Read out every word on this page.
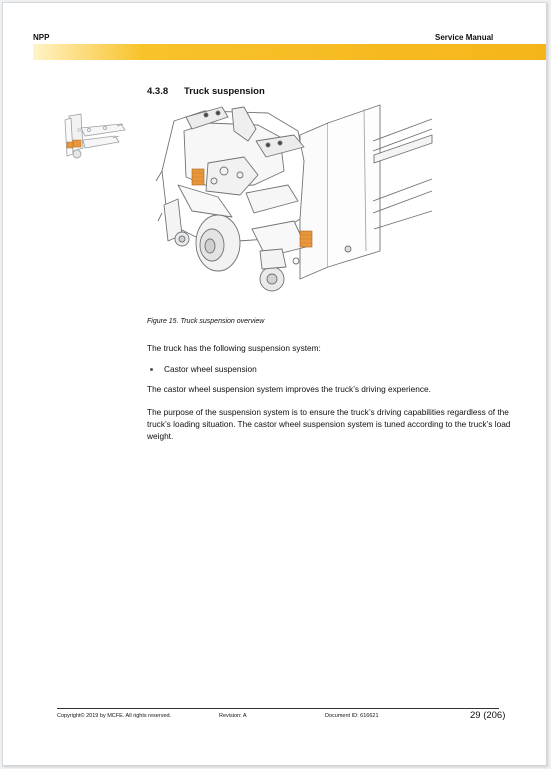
NPP	Service Manual
4.3.8 Truck suspension
Figure 15. Truck suspension overview

The truck has the following suspension system:

Castor wheel suspension

The castor wheel suspension system improves the truck’s driving experience.

The purpose of the suspension system is to ensure the truck’s driving capabilities regardless of the truck’s loading situation. The castor wheel suspension system is tuned according to the truck’s load weight.

Copyright© 2019 by MCFE. All rights reserved.	Revision: A	Document ID: 616621	29 (206)
